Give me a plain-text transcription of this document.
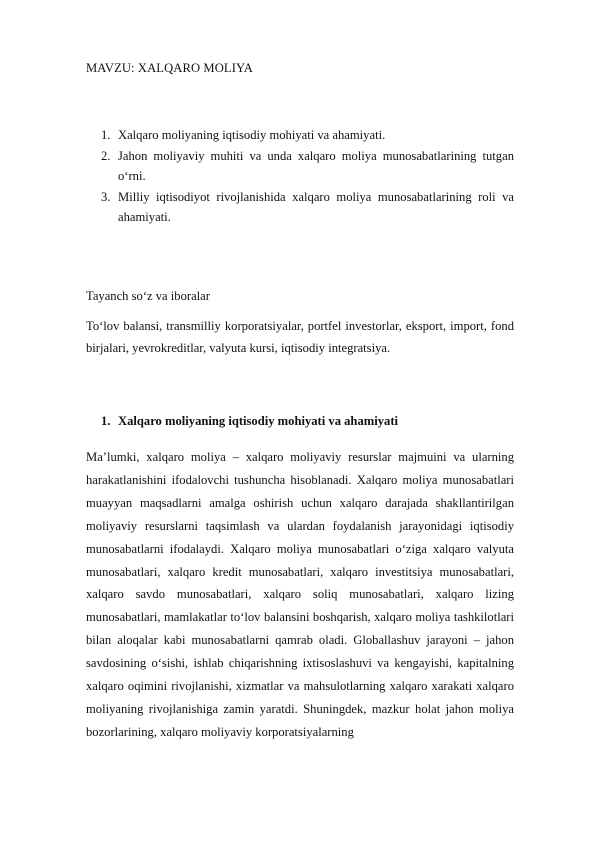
MAVZU: XALQARO MOLIYA
1. Xalqaro moliyaning iqtisodiy mohiyati va ahamiyati.
2. Jahon moliyaviy muhiti va unda xalqaro moliya munosabatlarining tutgan o‘rni.
3. Milliy iqtisodiyot rivojlanishida xalqaro moliya munosabatlarining roli va ahamiyati.
Tayanch so‘z va iboralar
To‘lov balansi, transmilliy korporatsiyalar, portfel investorlar, eksport, import, fond birjalari, yevrokreditlar, valyuta kursi, iqtisodiy integratsiya.
1. Xalqaro moliyaning iqtisodiy mohiyati va ahamiyati
Ma’lumki, xalqaro moliya – xalqaro moliyaviy resurslar majmuini va ularning harakatlanishini ifodalovchi tushuncha hisoblanadi. Xalqaro moliya munosabatlari muayyan maqsadlarni amalga oshirish uchun xalqaro darajada shakllantirilgan moliyaviy resurslarni taqsimlash va ulardan foydalanish jarayonidagi iqtisodiy munosabatlarni ifodalaydi. Xalqaro moliya munosabatlari o‘ziga xalqaro valyuta munosabatlari, xalqaro kredit munosabatlari, xalqaro investitsiya munosabatlari, xalqaro savdo munosabatlari, xalqaro soliq munosabatlari, xalqaro lizing munosabatlari, mamlakatlar to‘lov balansini boshqarish, xalqaro moliya tashkilotlari bilan aloqalar kabi munosabatlarni qamrab oladi. Globallashuv jarayoni – jahon savdosining o‘sishi, ishlab chiqarishning ixtisoslashuvi va kengayishi, kapitalning xalqaro oqimini rivojlanishi, xizmatlar va mahsulotlarning xalqaro xarakati xalqaro moliyaning rivojlanishiga zamin yaratdi. Shuningdek, mazkur holat jahon moliya bozorlarining, xalqaro moliyaviy korporatsiyalarning
